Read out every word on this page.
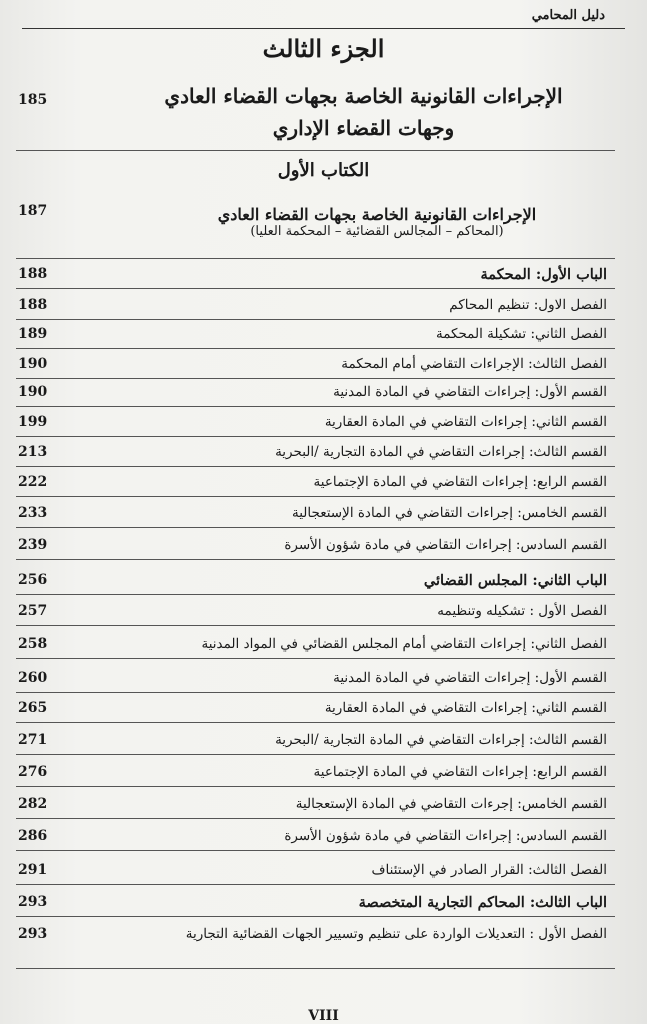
دليل المحامي
الجزء الثالث
185	الإجراءات القانونية الخاصة بجهات القضاء العادي
وجهات القضاء الإداري
الكتاب الأول
187	الإجراءات القانونية الخاصة بجهات القضاء العادي
(المحاكم – المجالس القضائية – المحكمة العليا)
الباب الأول: المحكمة
188
الفصل الاول: تنظيم المحاكم
188
الفصل الثاني: تشكيلة المحكمة
189
الفصل الثالث: الإجراءات التقاضي أمام المحكمة
190
القسم الأول: إجراءات التقاضي في المادة المدنية
190
القسم الثاني: إجراءات التقاضي في المادة العقارية
199
القسم الثالث: إجراءات التقاضي في المادة التجارية /البحرية
213
القسم الرابع: إجراءات التقاضي في المادة الإجتماعية
222
القسم الخامس: إجراءات التقاضي في المادة الإستعجالية
233
القسم السادس: إجراءات التقاضي في مادة شؤون الأسرة
239
الباب الثاني: المجلس القضائي
256
الفصل الأول : تشكيله وتنظيمه
257
الفصل الثاني: إجراءات التقاضي أمام المجلس القضائي في المواد المدنية
258
القسم الأول: إجراءات التقاضي في المادة المدنية
260
القسم الثاني: إجراءات التقاضي في المادة العقارية
265
القسم الثالث: إجراءات التقاضي في المادة التجارية /البحرية
271
القسم الرابع: إجراءات التقاضي في المادة الإجتماعية
276
القسم الخامس: إجرءات التقاضي في المادة الإستعجالية
282
القسم السادس: إجراءات التقاضي في مادة شؤون الأسرة
286
الفصل الثالث: القرار الصادر في الإستئناف
291
الباب الثالث: المحاكم التجارية المتخصصة
293
الفصل الأول : التعديلات الواردة على تنظيم وتسيير الجهات القضائية التجارية
293
VIII
